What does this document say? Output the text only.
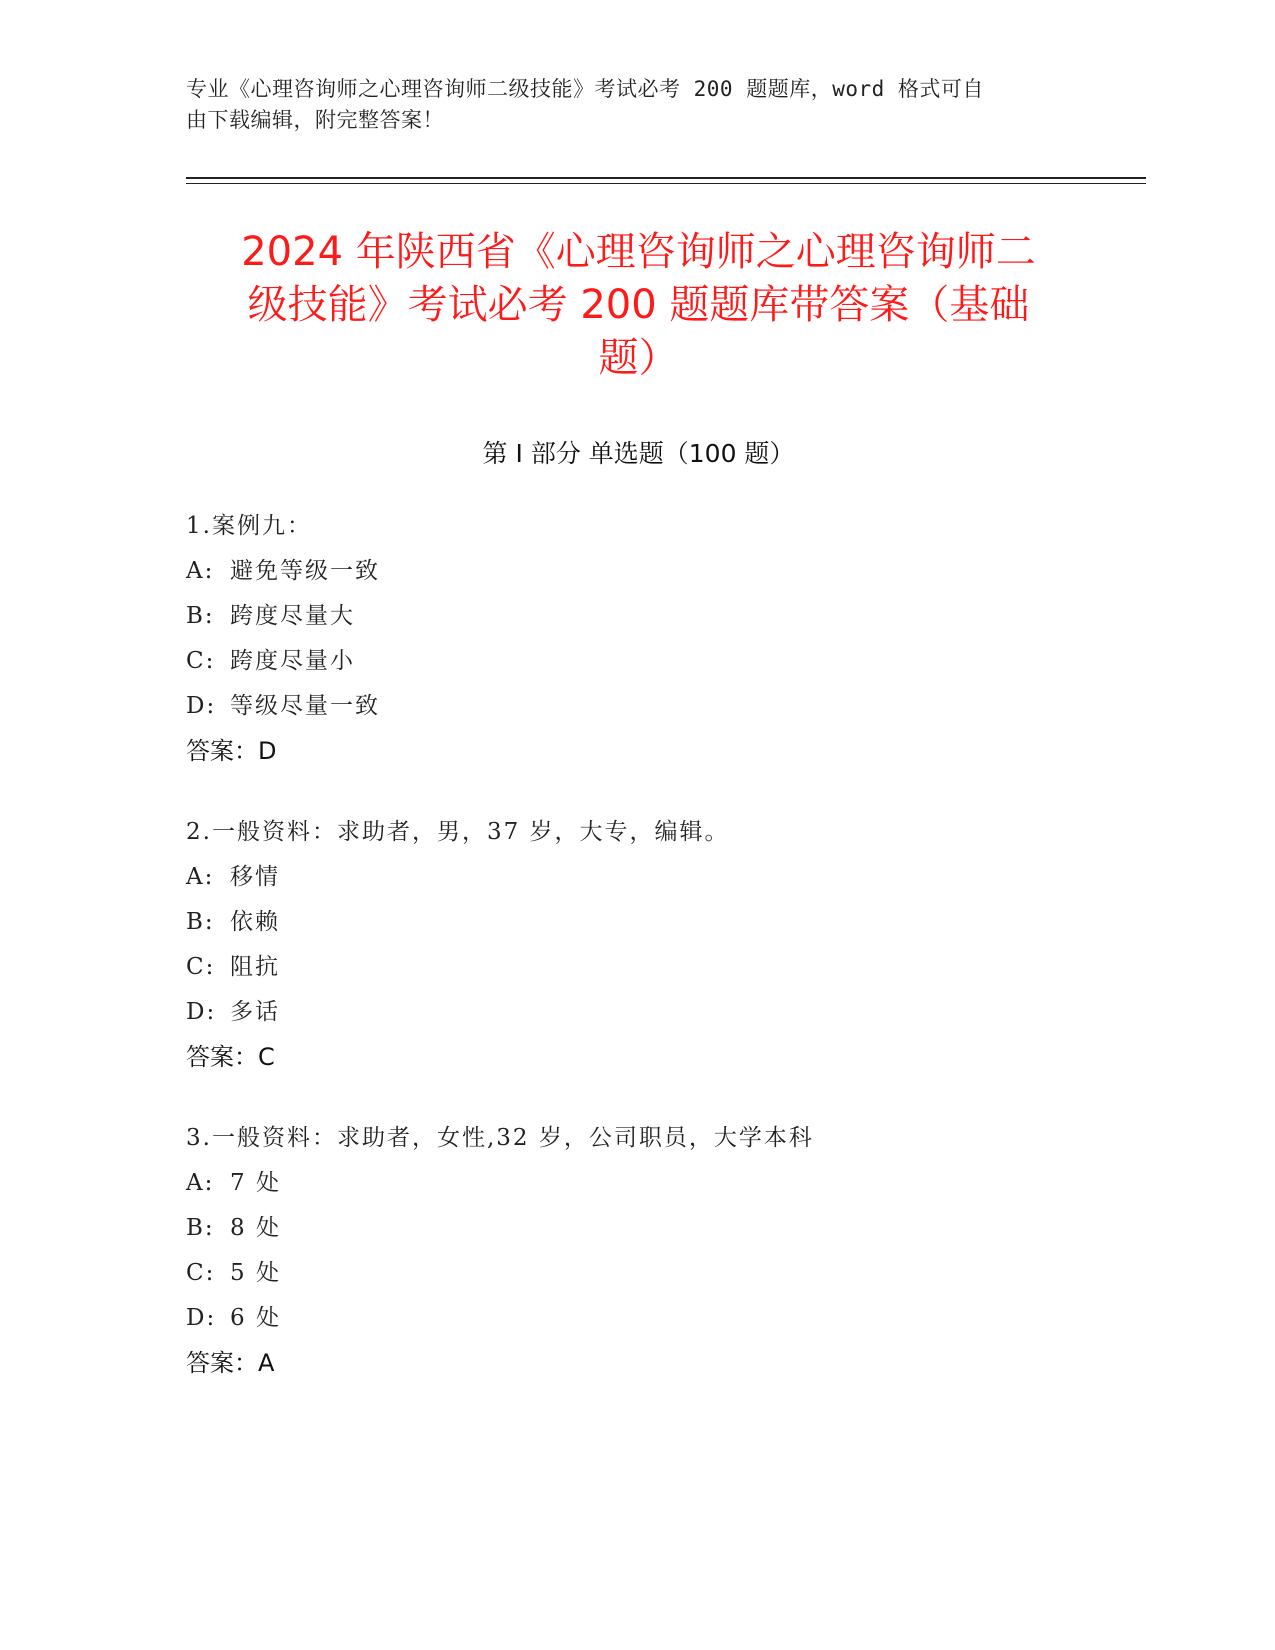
专业《心理咨询师之心理咨询师二级技能》考试必考 200 题题库，word 格式可自
由下载编辑，附完整答案！
2024 年陕西省《心理咨询师之心理咨询师二
级技能》考试必考 200 题题库带答案（基础
题）
第 I 部分 单选题（100 题）
1.案例九：
A: 避免等级一致
B: 跨度尽量大
C: 跨度尽量小
D: 等级尽量一致
答案：D
2.一般资料：求助者，男，37 岁，大专，编辑。
A: 移情
B: 依赖
C: 阻抗
D: 多话
答案：C
3.一般资料：求助者，女性,32 岁，公司职员，大学本科
A: 7 处
B: 8 处
C: 5 处
D: 6 处
答案：A
